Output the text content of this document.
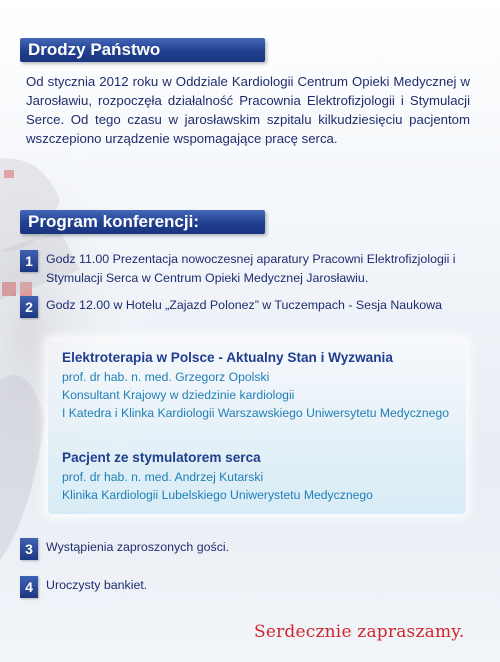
Drodzy Państwo
Od stycznia 2012 roku w Oddziale Kardiologii Centrum Opieki Medycznej w Jarosławiu, rozpoczęła działalność Pracownia Elektrofizjologii i Stymulacji Serce. Od tego czasu w jarosławskim szpitalu kilkudziesięciu pacjentom wszczepiono urządzenie wspomagające pracę serca.
Program konferencji:
1	Godz 11.00 Prezentacja nowoczesnej aparatury Pracowni Elektrofizjologii i Stymulacji Serca w Centrum Opieki Medycznej Jarosławiu.
2	Godz 12.00 w Hotelu „Zajazd Polonez” w Tuczempach - Sesja Naukowa
Elektroterapia w Polsce - Aktualny Stan i Wyzwania
prof. dr hab. n. med. Grzegorz Opolski
Konsultant Krajowy w dziedzinie kardiologii
I Katedra i Klinka Kardiologii Warszawskiego Uniwersytetu Medycznego
Pacjent ze stymulatorem serca
prof. dr hab. n. med. Andrzej Kutarski
Klinika Kardiologii Lubelskiego Uniwerystetu Medycznego
3	Wystąpienia zaproszonych gości.
4	Uroczysty bankiet.
Serdecznie zapraszamy.
